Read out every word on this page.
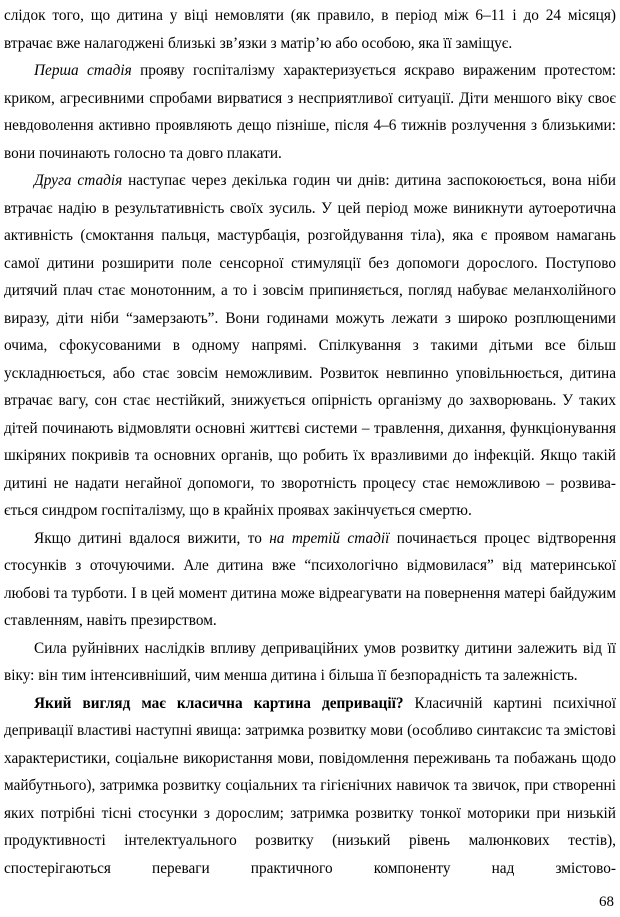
слідок того, що дитина у віці немовляти (як правило, в період між 6–11 і до 24 місяця) втрачає вже налагоджені близькі зв’язки з матір’ю або особою, яка її заміщує.

Перша стадія прояву госпіталізму характеризується яскраво вираженим протестом: криком, агресивними спробами вирватися з несприятливої ситуації. Діти меншого віку своє невдоволення активно проявляють дещо пізніше, після 4–6 тижнів розлучення з близькими: вони починають голосно та довго плакати.

Друга стадія наступає через декілька годин чи днів: дитина заспокоюється, вона ніби втрачає надію в результативність своїх зусиль. У цей період може виникнути аутоеротична активність (смоктання пальця, мастурбація, розгойдування тіла), яка є проявом намагань самої дитини розширити поле сенсорної стимуляції без допомоги дорослого. Поступово дитячий плач стає монотонним, а то і зовсім припиняється, погляд набуває меланхолійного виразу, діти ніби “замерзають”. Вони годинами можуть лежати з широко розплющеними очима, сфокусованими в одному напрямі. Спілкування з такими дітьми все більш ускладнюється, або стає зовсім неможливим. Розвиток невпинно уповільнюється, дитина втрачає вагу, сон стає нестійкий, знижується опірність організму до захворювань. У таких дітей починають відмовляти основні життєві системи – травлення, дихання, функціонування шкіряних покривів та основних органів, що робить їх вразливими до інфекцій. Якщо такій дитині не надати негайної допомоги, то зворотність процесу стає неможливою – розвива-

ється синдром госпіталізму, що в крайніх проявах закінчується смертю.

Якщо дитині вдалося вижити, то на третій стадії починається процес відтворення стосунків з оточуючими. Але дитина вже “психологічно відмовилася” від материнської любові та турботи. І в цей момент дитина може відреагувати на повернення матері байдужим ставленням, навіть презирством.

Сила руйнівних наслідків впливу деприваційних умов розвитку дитини залежить від її віку: він тим інтенсивніший, чим менша дитина і більша її безпорадність та залежність.

Який вигляд має класична картина депривації? Класичній картині психічної депривації властиві наступні явища: затримка розвитку мови (особливо синтаксис та змістові характеристики, соціальне використання мови, повідомлення переживань та побажань щодо майбутнього), затримка розвитку соціальних та гігієнічних навичок та звичок, при створенні яких потрібні тісні стосунки з дорослим; затримка розвитку тонкої моторики при низькій продуктивності інтелектуального розвитку (низький рівень малюнкових тестів), спостерігаються переваги практичного компоненту над змістово-

68
